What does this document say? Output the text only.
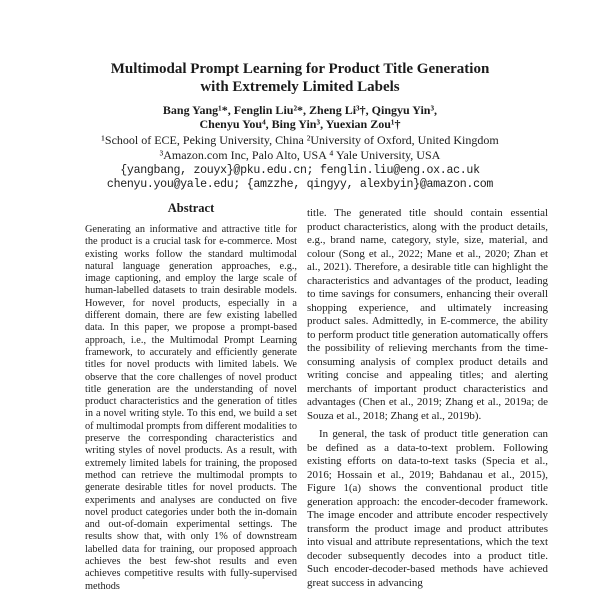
Multimodal Prompt Learning for Product Title Generation
with Extremely Limited Labels
Bang Yang¹*, Fenglin Liu²*, Zheng Li³†, Qingyu Yin³,
Chenyu You⁴, Bing Yin³, Yuexian Zou¹†
¹School of ECE, Peking University, China ²University of Oxford, United Kingdom
³Amazon.com Inc, Palo Alto, USA ⁴ Yale University, USA
{yangbang, zouyx}@pku.edu.cn; fenglin.liu@eng.ox.ac.uk
chenyu.you@yale.edu; {amzzhe, qingyy, alexbyin}@amazon.com
Abstract
Generating an informative and attractive title for the product is a crucial task for e-commerce. Most existing works follow the standard multimodal natural language generation approaches, e.g., image captioning, and employ the large scale of human-labelled datasets to train desirable models. However, for novel products, especially in a different domain, there are few existing labelled data. In this paper, we propose a prompt-based approach, i.e., the Multimodal Prompt Learning framework, to accurately and efficiently generate titles for novel products with limited labels. We observe that the core challenges of novel product title generation are the understanding of novel product characteristics and the generation of titles in a novel writing style. To this end, we build a set of multimodal prompts from different modalities to preserve the corresponding characteristics and writing styles of novel products. As a result, with extremely limited labels for training, the proposed method can retrieve the multimodal prompts to generate desirable titles for novel products. The experiments and analyses are conducted on five novel product categories under both the in-domain and out-of-domain experimental settings. The results show that, with only 1% of downstream labelled data for training, our proposed approach achieves the best few-shot results and even achieves competitive results with fully-supervised methods

title. The generated title should contain essential product characteristics, along with the product details, e.g., brand name, category, style, size, material, and colour (Song et al., 2022; Mane et al., 2020; Zhan et al., 2021). Therefore, a desirable title can highlight the characteristics and advantages of the product, leading to time savings for consumers, enhancing their overall shopping experience, and ultimately increasing product sales. Admittedly, in E-commerce, the ability to perform product title generation automatically offers the possibility of relieving merchants from the time-consuming analysis of complex product details and writing concise and appealing titles; and alerting merchants of important product characteristics and advantages (Chen et al., 2019; Zhang et al., 2019a; de Souza et al., 2018; Zhang et al., 2019b).

In general, the task of product title generation can be defined as a data-to-text problem. Following existing efforts on data-to-text tasks (Specia et al., 2016; Hossain et al., 2019; Bahdanau et al., 2015), Figure 1(a) shows the conventional product title generation approach: the encoder-decoder framework. The image encoder and attribute encoder respectively transform the product image and product attributes into visual and attribute representations, which the text decoder subsequently decodes into a product title. Such encoder-decoder-based methods have achieved great success in advancing
